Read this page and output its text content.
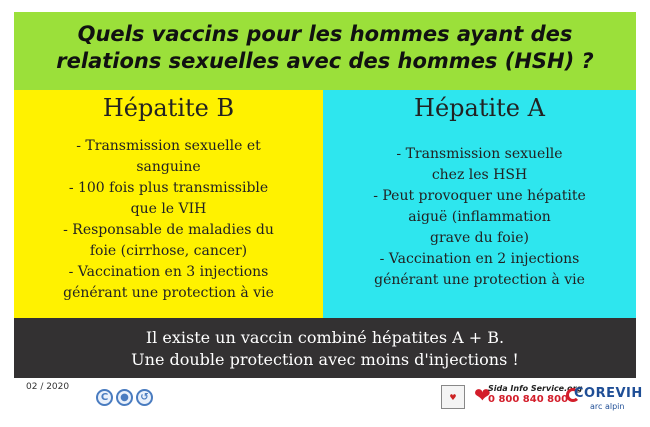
Quels vaccins pour les hommes ayant des relations sexuelles avec des hommes (HSH) ?
Hépatite B
- Transmission sexuelle et
sanguine
- 100 fois plus transmissible
que le VIH
- Responsable de maladies du
foie (cirrhose, cancer)
- Vaccination en 3 injections
générant une protection à vie
Hépatite A
- Transmission sexuelle
chez les HSH
- Peut provoquer une hépatite
aiguë (inflammation
grave du foie)
- Vaccination en 2 injections
générant une protection à vie
Il existe un vaccin combiné hépatites A + B.
Une double protection avec moins d'injections !
02 / 2020
C	●	↺	♥ ❤
Sida Info Service.org
0 800 840 800 COREVIH
arc alpin
